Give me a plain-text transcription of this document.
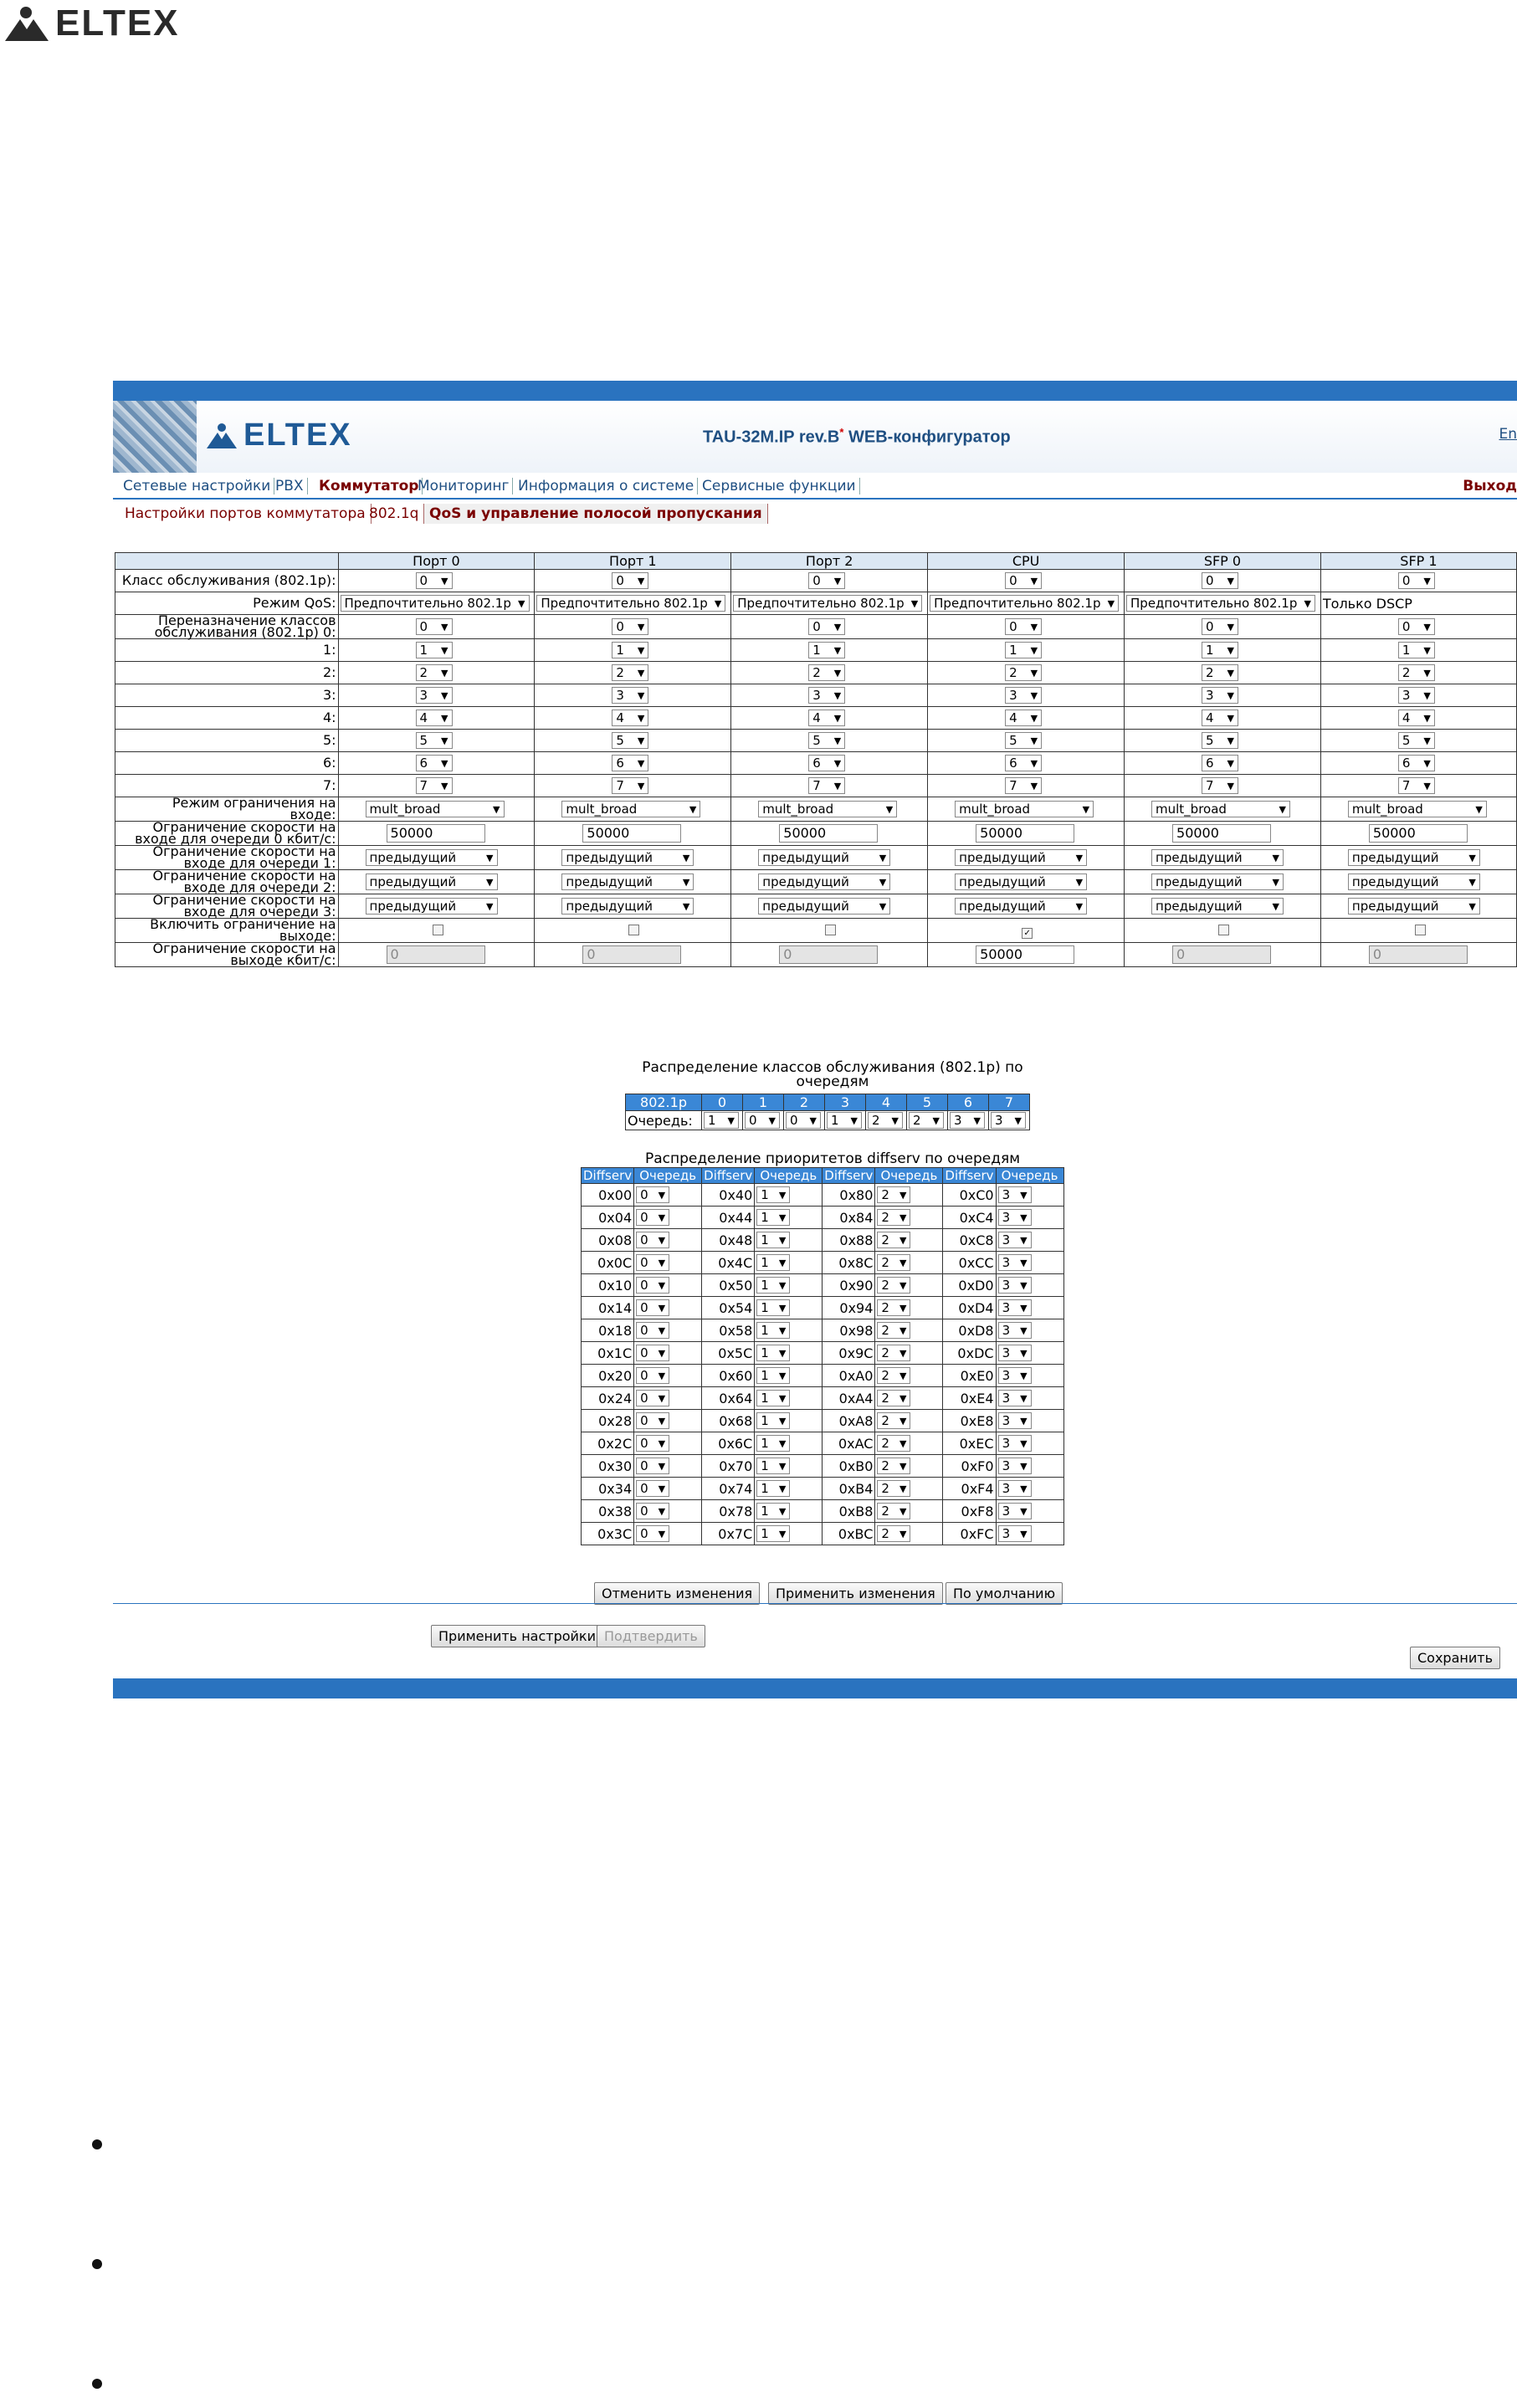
ELTEX
ELTEX	TAU-32M.IP rev.B* WEB-конфигуратор	En
Сетевые настройки PBX Коммутатор
Мониторинг Информация о системе Сервисные функции	Выход
Настройки портов коммутатора 802.1q QoS и управление полосой пропускания
	Порт 0	Порт 1	Порт 2	CPU	SFP 0	SFP 1
Класс обслуживания (802.1p):	0 ▼	0 ▼	0 ▼	0 ▼	0 ▼	0 ▼

Режим QoS:	Предпочтительно 802.1p ▼	Предпочтительно 802.1p ▼	Предпочтительно 802.1p ▼	Предпочтительно 802.1p ▼	Предпочтительно 802.1p ▼	Только DSCP
Переназначение классов
обслуживания (802.1p) 0:	0 ▼	0 ▼	0 ▼	0 ▼	0 ▼	0 ▼

1:	1 ▼	1 ▼	1 ▼	1 ▼	1 ▼	1 ▼

2:	2 ▼	2 ▼	2 ▼	2 ▼	2 ▼	2 ▼

3:	3 ▼	3 ▼	3 ▼	3 ▼	3 ▼	3 ▼

4:	4 ▼	4 ▼	4 ▼	4 ▼	4 ▼	4 ▼

5:	5 ▼	5 ▼	5 ▼	5 ▼	5 ▼	5 ▼

6:	6 ▼	6 ▼	6 ▼	6 ▼	6 ▼	6 ▼

7:	7 ▼	7 ▼	7 ▼	7 ▼	7 ▼	7 ▼

Режим ограничения на
входе:	mult_broad ▼	mult_broad ▼	mult_broad ▼	mult_broad ▼	mult_broad ▼	mult_broad ▼

Ограничение скорости на
входе для очереди 0 кбит/с:	50000	50000	50000	50000	50000	50000

Ограничение скорости на
входе для очереди 1:	предыдущий ▼	предыдущий ▼	предыдущий ▼	предыдущий ▼	предыдущий ▼	предыдущий ▼

Ограничение скорости на
входе для очереди 2:	предыдущий ▼	предыдущий ▼	предыдущий ▼	предыдущий ▼	предыдущий ▼	предыдущий ▼

Ограничение скорости на
входе для очереди 3:	предыдущий ▼	предыдущий ▼	предыдущий ▼	предыдущий ▼	предыдущий ▼	предыдущий ▼

Включить ограничение на
выходе:				✓		

Ограничение скорости на
выходе кбит/с:	0	0	0	50000	0	0
Распределение классов обслуживания (802.1p) по
очередям
802.1p	0	1	2	3	4	5	6	7
Очередь:	1 ▼	0 ▼	0 ▼	1 ▼	2 ▼	2 ▼	3 ▼	3 ▼
Распределение приоритетов diffserv по очередям
Diffserv	Очередь	Diffserv	Очередь	Diffserv	Очередь	Diffserv	Очередь
0x00	0 ▼	0x40	1 ▼	0x80	2 ▼	0xC0	3 ▼

0x04	0 ▼	0x44	1 ▼	0x84	2 ▼	0xC4	3 ▼

0x08	0 ▼	0x48	1 ▼	0x88	2 ▼	0xC8	3 ▼

0x0C	0 ▼	0x4C	1 ▼	0x8C	2 ▼	0xCC	3 ▼

0x10	0 ▼	0x50	1 ▼	0x90	2 ▼	0xD0	3 ▼

0x14	0 ▼	0x54	1 ▼	0x94	2 ▼	0xD4	3 ▼

0x18	0 ▼	0x58	1 ▼	0x98	2 ▼	0xD8	3 ▼

0x1C	0 ▼	0x5C	1 ▼	0x9C	2 ▼	0xDC	3 ▼

0x20	0 ▼	0x60	1 ▼	0xA0	2 ▼	0xE0	3 ▼

0x24	0 ▼	0x64	1 ▼	0xA4	2 ▼	0xE4	3 ▼

0x28	0 ▼	0x68	1 ▼	0xA8	2 ▼	0xE8	3 ▼

0x2C	0 ▼	0x6C	1 ▼	0xAC	2 ▼	0xEC	3 ▼

0x30	0 ▼	0x70	1 ▼	0xB0	2 ▼	0xF0	3 ▼

0x34	0 ▼	0x74	1 ▼	0xB4	2 ▼	0xF4	3 ▼

0x38	0 ▼	0x78	1 ▼	0xB8	2 ▼	0xF8	3 ▼

0x3C	0 ▼	0x7C	1 ▼	0xBC	2 ▼	0xFC	3 ▼
Отменить изменения	Применить изменения	По умолчанию
Применить настройки Подтвердить
Сохранить
